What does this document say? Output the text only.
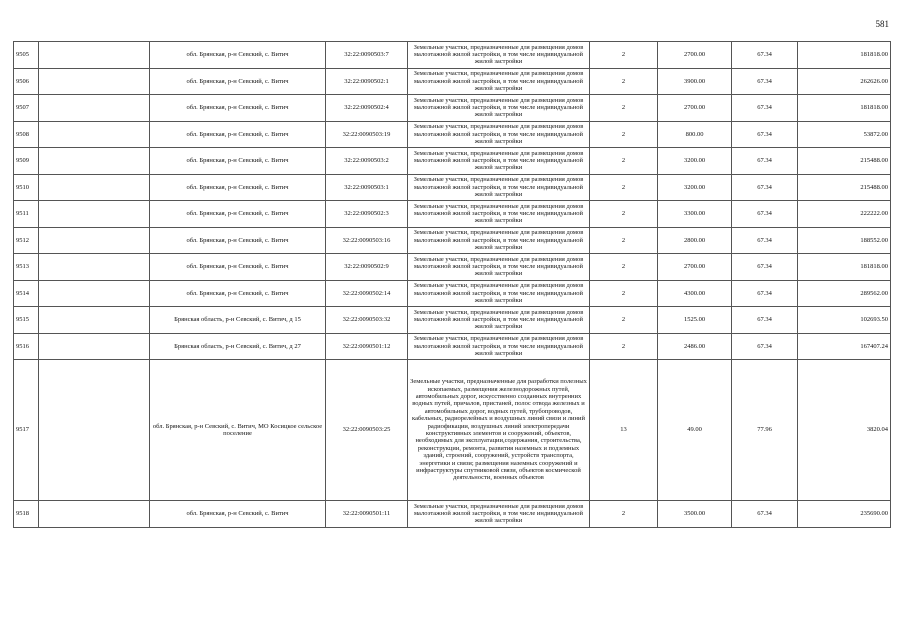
581
9505		обл. Брянская, р-н Севский, с. Витич	32:22:0090503:7	Земельные участки, предназначенные для размещения домов малоэтажной жилой застройки, в том числе индивидуальной жилой застройки	2	2700.00	67.34	181818.00
9506		обл. Брянская, р-н Севский, с. Витич	32:22:0090502:1	Земельные участки, предназначенные для размещения домов малоэтажной жилой застройки, в том числе индивидуальной жилой застройки	2	3900.00	67.34	262626.00
9507		обл. Брянская, р-н Севский, с. Витич	32:22:0090502:4	Земельные участки, предназначенные для размещения домов малоэтажной жилой застройки, в том числе индивидуальной жилой застройки	2	2700.00	67.34	181818.00
9508		обл. Брянская, р-н Севский, с. Витич	32:22:0090503:19	Земельные участки, предназначенные для размещения домов малоэтажной жилой застройки, в том числе индивидуальной жилой застройки	2	800.00	67.34	53872.00
9509		обл. Брянская, р-н Севский, с. Витич	32:22:0090503:2	Земельные участки, предназначенные для размещения домов малоэтажной жилой застройки, в том числе индивидуальной жилой застройки	2	3200.00	67.34	215488.00
9510		обл. Брянская, р-н Севский, с. Витич	32:22:0090503:1	Земельные участки, предназначенные для размещения домов малоэтажной жилой застройки, в том числе индивидуальной жилой застройки	2	3200.00	67.34	215488.00
9511		обл. Брянская, р-н Севский, с. Витич	32:22:0090502:3	Земельные участки, предназначенные для размещения домов малоэтажной жилой застройки, в том числе индивидуальной жилой застройки	2	3300.00	67.34	222222.00
9512		обл. Брянская, р-н Севский, с. Витич	32:22:0090503:16	Земельные участки, предназначенные для размещения домов малоэтажной жилой застройки, в том числе индивидуальной жилой застройки	2	2800.00	67.34	188552.00
9513		обл. Брянская, р-н Севский, с. Витич	32:22:0090502:9	Земельные участки, предназначенные для размещения домов малоэтажной жилой застройки, в том числе индивидуальной жилой застройки	2	2700.00	67.34	181818.00
9514		обл. Брянская, р-н Севский, с. Витич	32:22:0090502:14	Земельные участки, предназначенные для размещения домов малоэтажной жилой застройки, в том числе индивидуальной жилой застройки	2	4300.00	67.34	289562.00
9515		Брянская область, р-н Севский, с. Витич, д 15	32:22:0090503:32	Земельные участки, предназначенные для размещения домов малоэтажной жилой застройки, в том числе индивидуальной жилой застройки	2	1525.00	67.34	102693.50
9516		Брянская область, р-н Севский, с. Витич, д 27	32:22:0090501:12	Земельные участки, предназначенные для размещения домов малоэтажной жилой застройки, в том числе индивидуальной жилой застройки	2	2486.00	67.34	167407.24
9517		обл. Брянская, р-н Севский, с. Витич, МО Косицкое сельское поселение	32:22:0090503:25	Земельные участки, предназначенные для разработки полезных ископаемых, размещения железнодорожных путей, автомобильных дорог, искусственно созданных внутренних водных путей, причалов, пристаней, полос отвода железных и автомобильных дорог, водных путей, трубопроводов, кабельных, радиорелейных и воздушных линий связи и линий радиофикации, воздушных линий электропередачи конструктивных элементов и сооружений, объектов, необходимых для эксплуатации,содержания, строительства, реконструкции, ремонта, развития наземных и подземных зданий, строений, сооружений, устройств транспорта, энергетики и связи; размещения наземных сооружений и инфраструктуры спутниковой связи, объектов космической деятельности, военных объектов	13	49.00	77.96	3820.04
9518		обл. Брянская, р-н Севский, с. Витич	32:22:0090501:11	Земельные участки, предназначенные для размещения домов малоэтажной жилой застройки, в том числе индивидуальной жилой застройки	2	3500.00	67.34	235690.00
